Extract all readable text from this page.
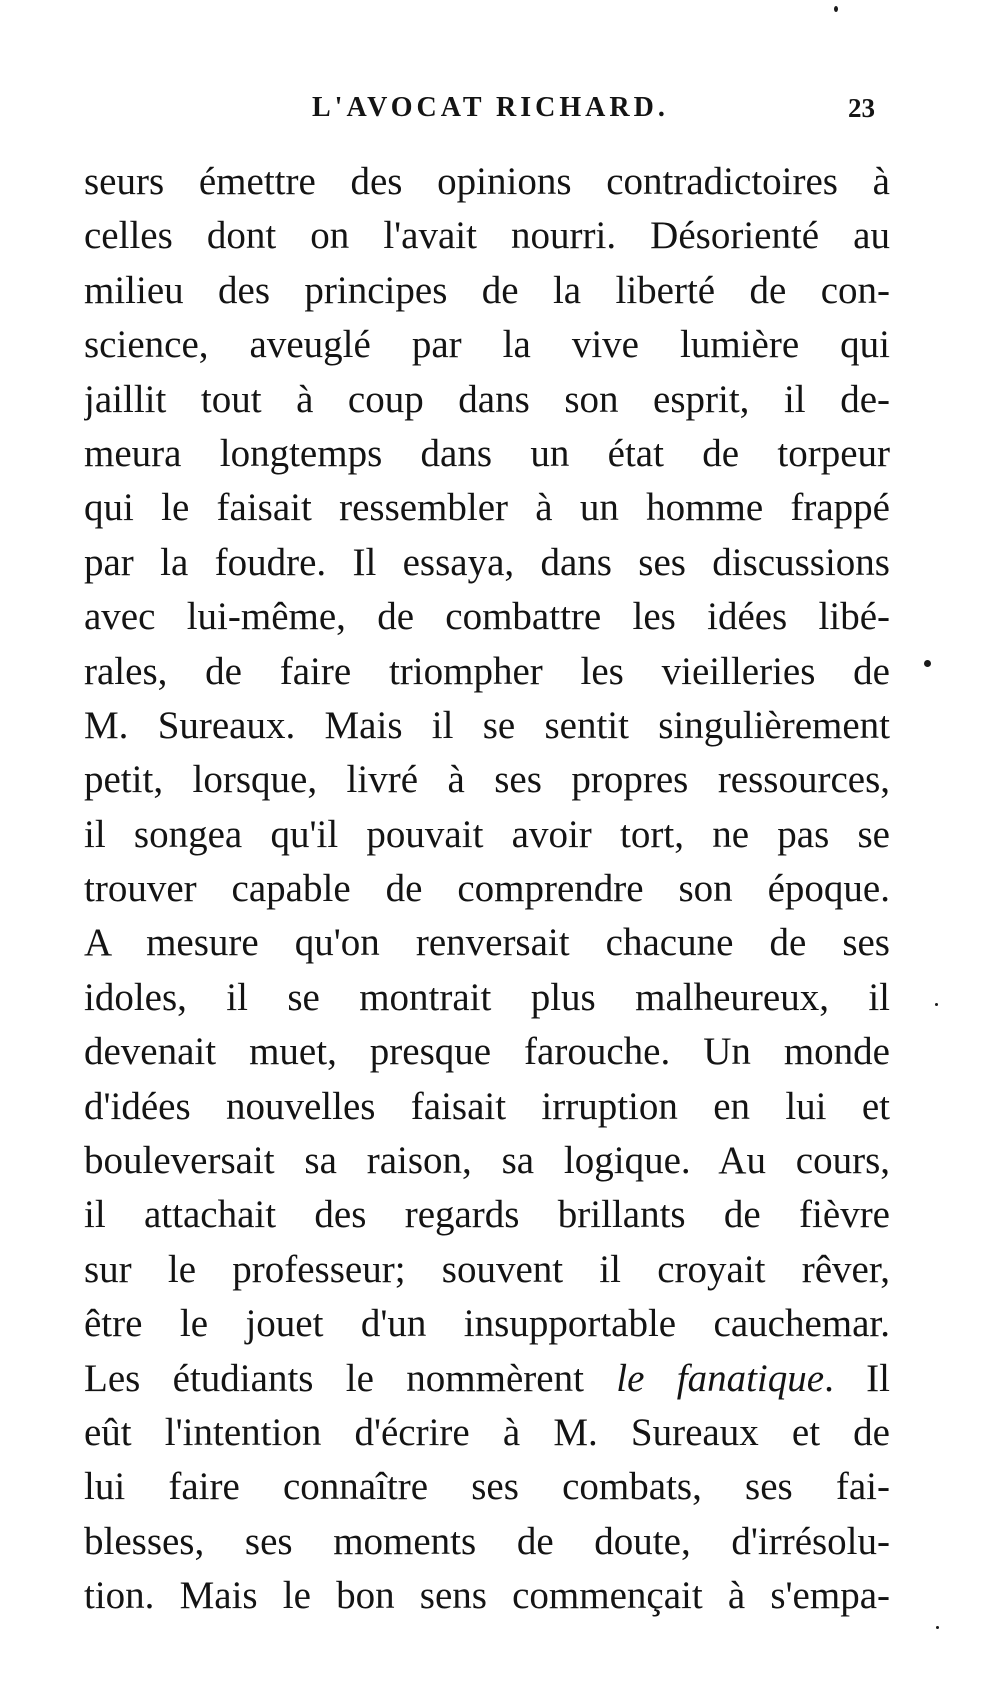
L'AVOCAT RICHARD.	23
seurs émettre des opinions contradictoires à
celles dont on l'avait nourri. Désorienté au
milieu des principes de la liberté de con-
science, aveuglé par la vive lumière qui
jaillit tout à coup dans son esprit, il de-
meura longtemps dans un état de torpeur
qui le faisait ressembler à un homme frappé
par la foudre. Il essaya, dans ses discussions
avec lui-même, de combattre les idées libé-
rales, de faire triompher les vieilleries de
M. Sureaux. Mais il se sentit singulièrement
petit, lorsque, livré à ses propres ressources,
il songea qu'il pouvait avoir tort, ne pas se
trouver capable de comprendre son époque.
A mesure qu'on renversait chacune de ses
idoles, il se montrait plus malheureux, il
devenait muet, presque farouche. Un monde
d'idées nouvelles faisait irruption en lui et
bouleversait sa raison, sa logique. Au cours,
il attachait des regards brillants de fièvre
sur le professeur; souvent il croyait rêver,
être le jouet d'un insupportable cauchemar.
Les étudiants le nommèrent le fanatique. Il
eût l'intention d'écrire à M. Sureaux et de
lui faire connaître ses combats, ses fai-
blesses, ses moments de doute, d'irrésolu-
tion. Mais le bon sens commençait à s'empa-
